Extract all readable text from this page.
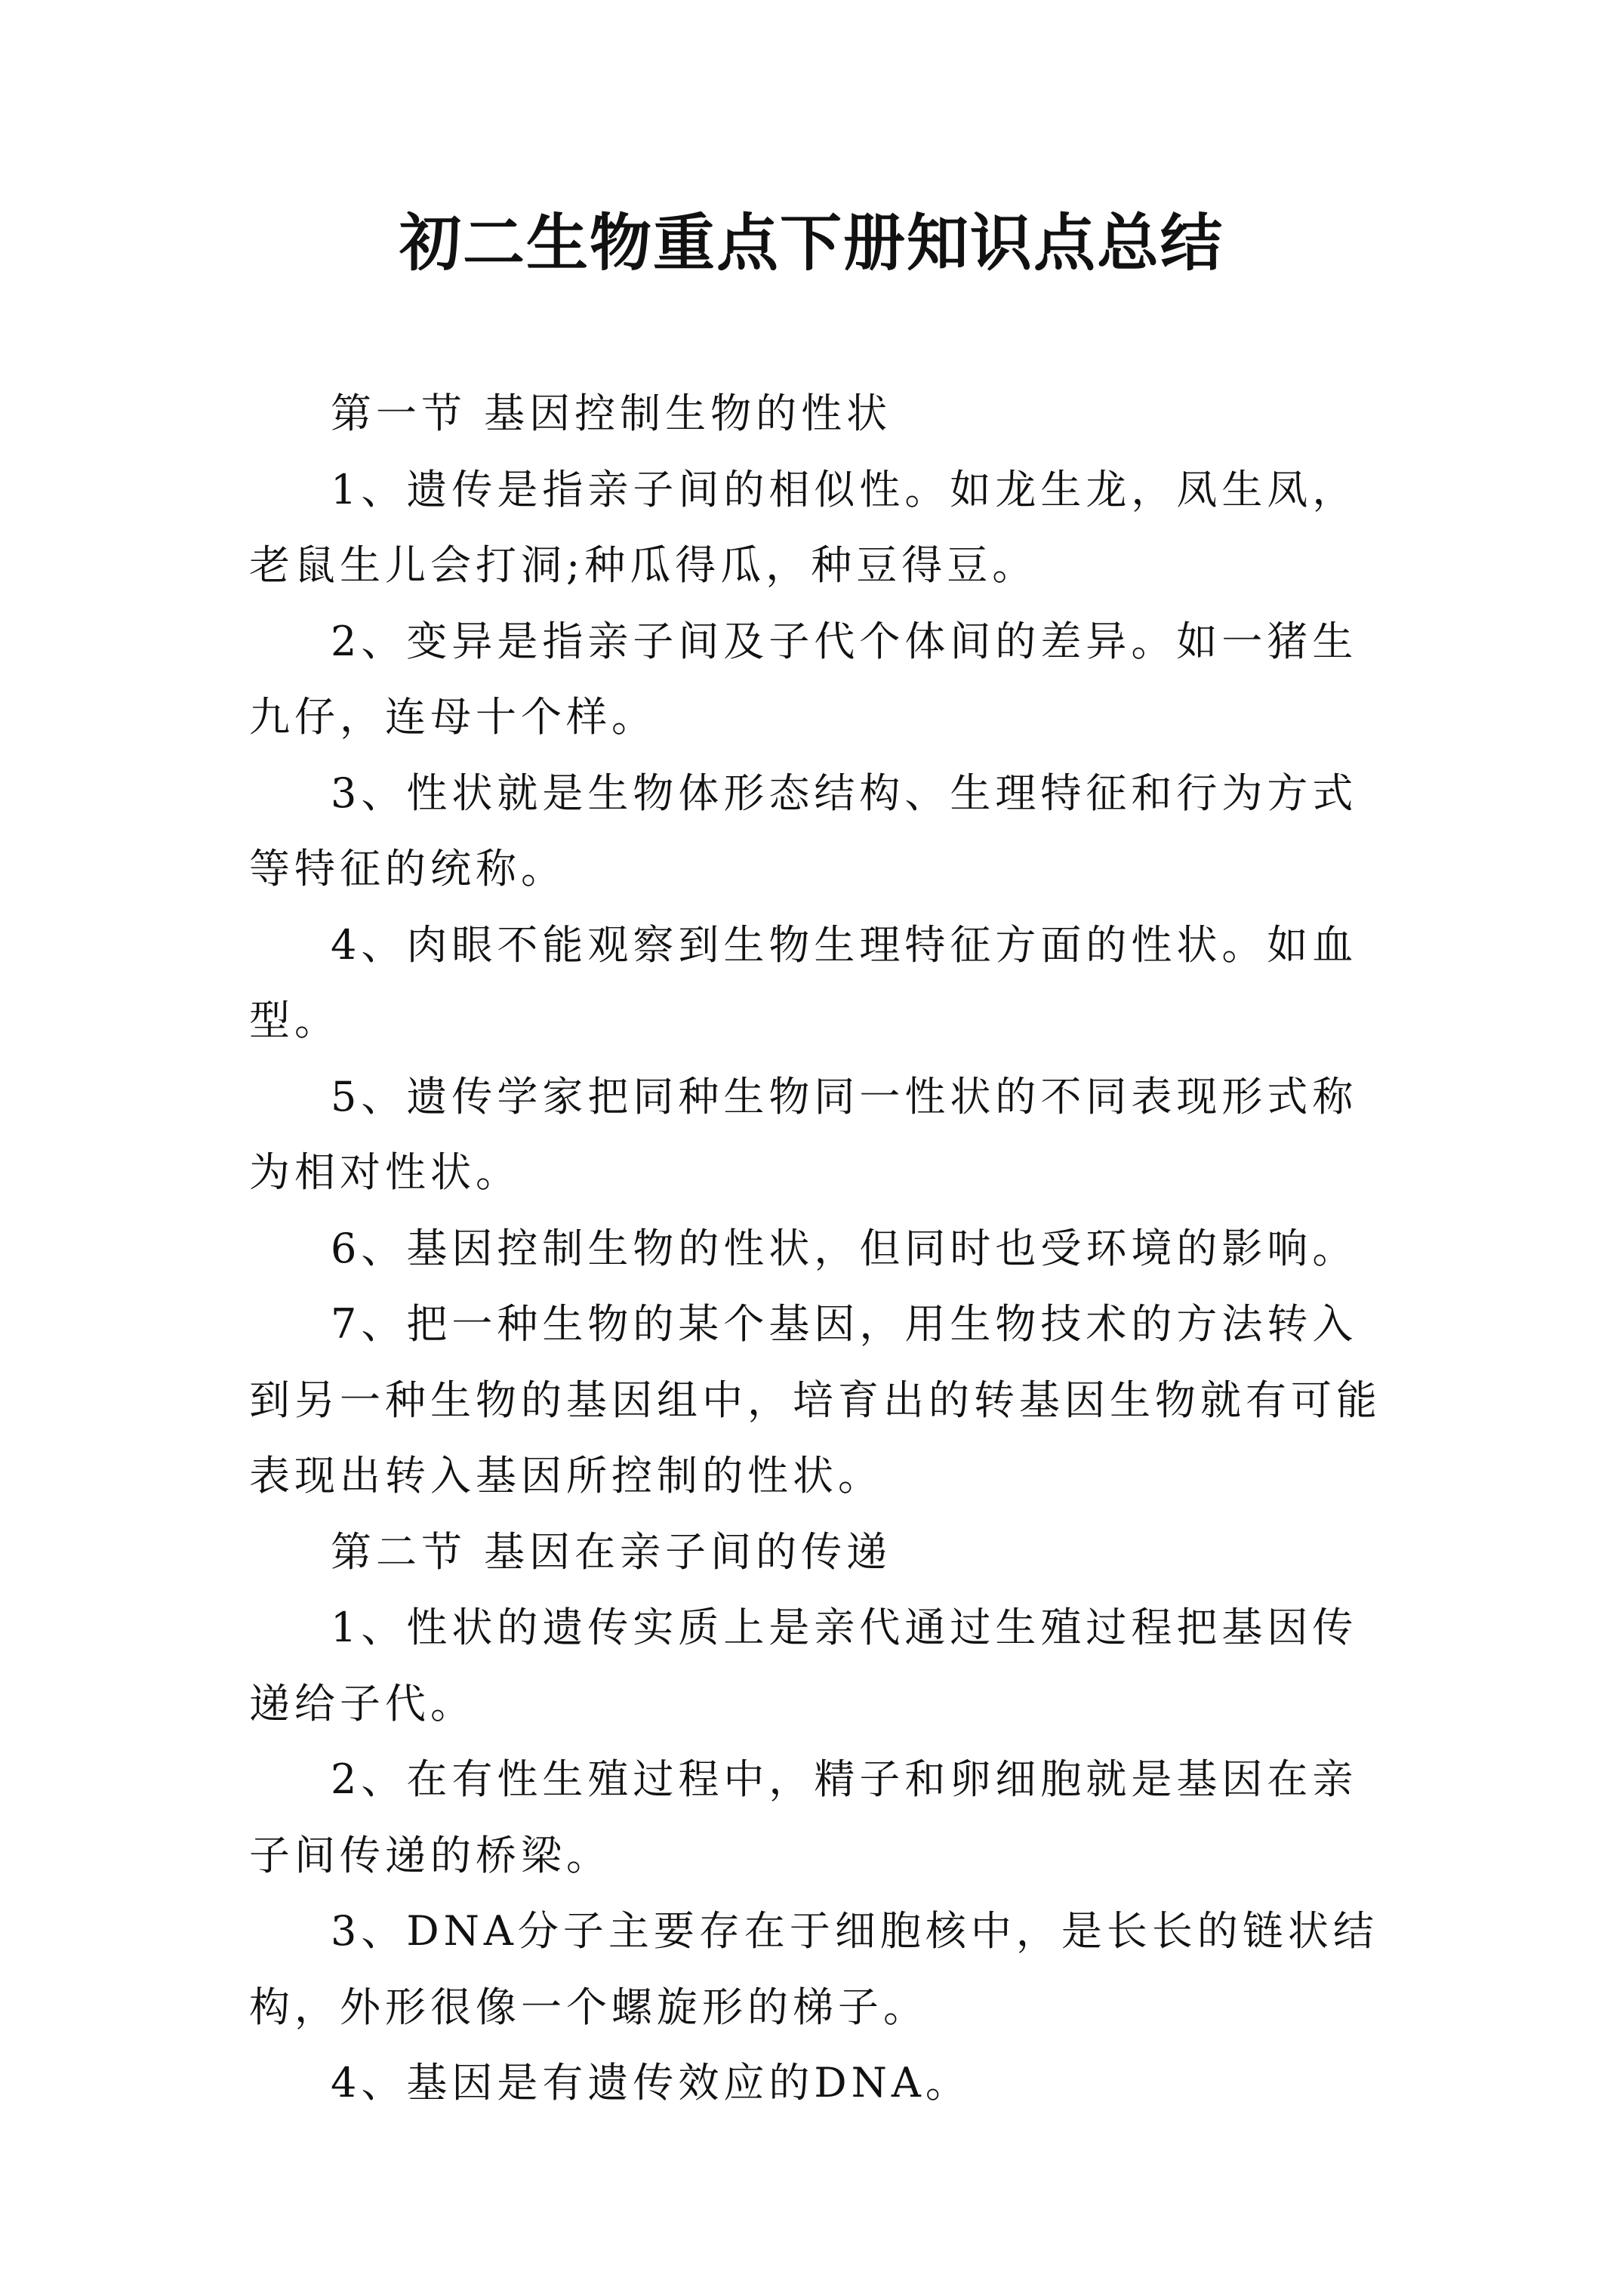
初二生物重点下册知识点总结

第一节 基因控制生物的性状

1、遗传是指亲子间的相似性。如龙生龙，凤生凤，老鼠生儿会打洞;种瓜得瓜，种豆得豆。

2、变异是指亲子间及子代个体间的差异。如一猪生九仔，连母十个样。

3、性状就是生物体形态结构、生理特征和行为方式等特征的统称。

4、肉眼不能观察到生物生理特征方面的性状。如血型。

5、遗传学家把同种生物同一性状的不同表现形式称为相对性状。

6、基因控制生物的性状，但同时也受环境的影响。

7、把一种生物的某个基因，用生物技术的方法转入到另一种生物的基因组中，培育出的转基因生物就有可能表现出转入基因所控制的性状。

第二节 基因在亲子间的传递

1、性状的遗传实质上是亲代通过生殖过程把基因传递给子代。

2、在有性生殖过程中，精子和卵细胞就是基因在亲子间传递的桥梁。

3、DNA分子主要存在于细胞核中，是长长的链状结构，外形很像一个螺旋形的梯子。

4、基因是有遗传效应的DNA。
